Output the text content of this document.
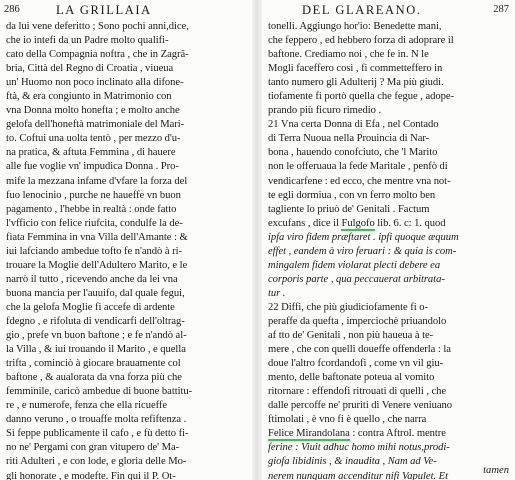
286	LA GRILLAIA
da lui vene deferitto ; Sono pochi anni,dice,
che io intefi da un Padre molto qualifi-
cato della Compagnia noftra , che in Zagrã-
bria, Città del Regno di Croatia , viueua
un' Huomo non poco inclinato alla difone-
ftà, & era congiunto in Matrimonio con
vna Donna molto honefta ; e molto anche
gelofa dell'honeftà matrimoniale del Mari-
to. Coftui una uolta tentò , per mezzo d'u-
na pratica, & aftuta Femmina , di hauere
alle fue voglie vn' impudica Donna . Pro-
mife la mezzana infame d'vfare la forza del
fuo lenocinio , purche ne haueffe vn buon
pagamento , l'hebbe in realtà : onde fatto
l'vfficio con felice riufcita, condulfe la de-
fiata Femmina in vna Villa dell'Amante : &
iui lafciando ambedue tofto fe n'andò à ri-
trouare la Moglie dell'Adultero Marito, e le
narrò il tutto , ricevendo anche da lei vna
buona mancia per l'auuifo, dal quale fegui,
che la gelofa Moglie fi accefe di ardente
fdegno , e rifoluta di vendicarfi dell'oltrag-
gio , prefe vn buon baftone ; e fe n'andò al-
la Villa , & iui trouando il Marito , e quella
trifta , cominciò à giocare brauamente col
baftone , & aualorata da vna forza più che
femminile, caricò ambedue di buone battitu-
re , e numerofe, fenza che ella ricueffe
danno veruno , o trouaffe molta refiftenza .
Si feppe publicamente il cafo , e fù detto fi-
no ne' Pergami con gran vitupero de' Ma-
riti Adulteri , e con lode, e gloria delle Mo-
gli honorate , e modefte. Fin qui il P. Ot-
DEL GLAREANO.	287
tonelli. Aggiungo hor'io: Benedette mani,
che feppero , ed hebbero forza di adoprare il
baftone. Crediamo noi , che fe in. N le
Mogli faceffero così , fi commetteffero in
tanto numero gli Adulterij ? Ma più giudi.
tiofamente fi portò quella che fegue , adope-
prando più ficuro rimedio .
21 Vna certa Donna di Efa , nel Contado
di Terra Nuoua nella Prouincia di Nar-
bona , hauendo conofciuto, che 'l Marito
non le offeruaua la fede Maritale , penfò di
vendicarfene : ed ecco, che mentre vna not-
te egli dormiua , con vn ferro molto ben
tagliente lo priuò de' Genitali . Factum
excufans , dice il Fulgofo lib. 6. c: 1. quod
ipfa viro fidem præftaret . ipfi quoque æquum
effet , eandem à viro feruari : & quia is com-
mingalem fidem violarat plecti debere ea
corporis parte , qua peccauerat arbitrata-
tur .
22 Diffi, che più giudiciofamente fi o-
peraffe da quefta , imperciochè priuandolo
af tto de' Genitali , non più haueua à te-
mere , che con quelli doueffe offenderla : la
doue l'altro fcordandofi , come vn vil giu-
mento, delle baftonate poteua al vomito
ritornare : effendofi ritrouati di quelli , che
dalle percoffe ne' prurìti di Venere veniuano
ftimolati , è vno fi è quello , che narra
Felice Mirandolana : contra Aftrol. mentre
ferine : Viuit adhuc homo mihi notus,prodi-
giofa libidinis , & inaudita , Nam ad Ve-
nerem nunquam accenditur nifi Vapulet. Et	tamen
